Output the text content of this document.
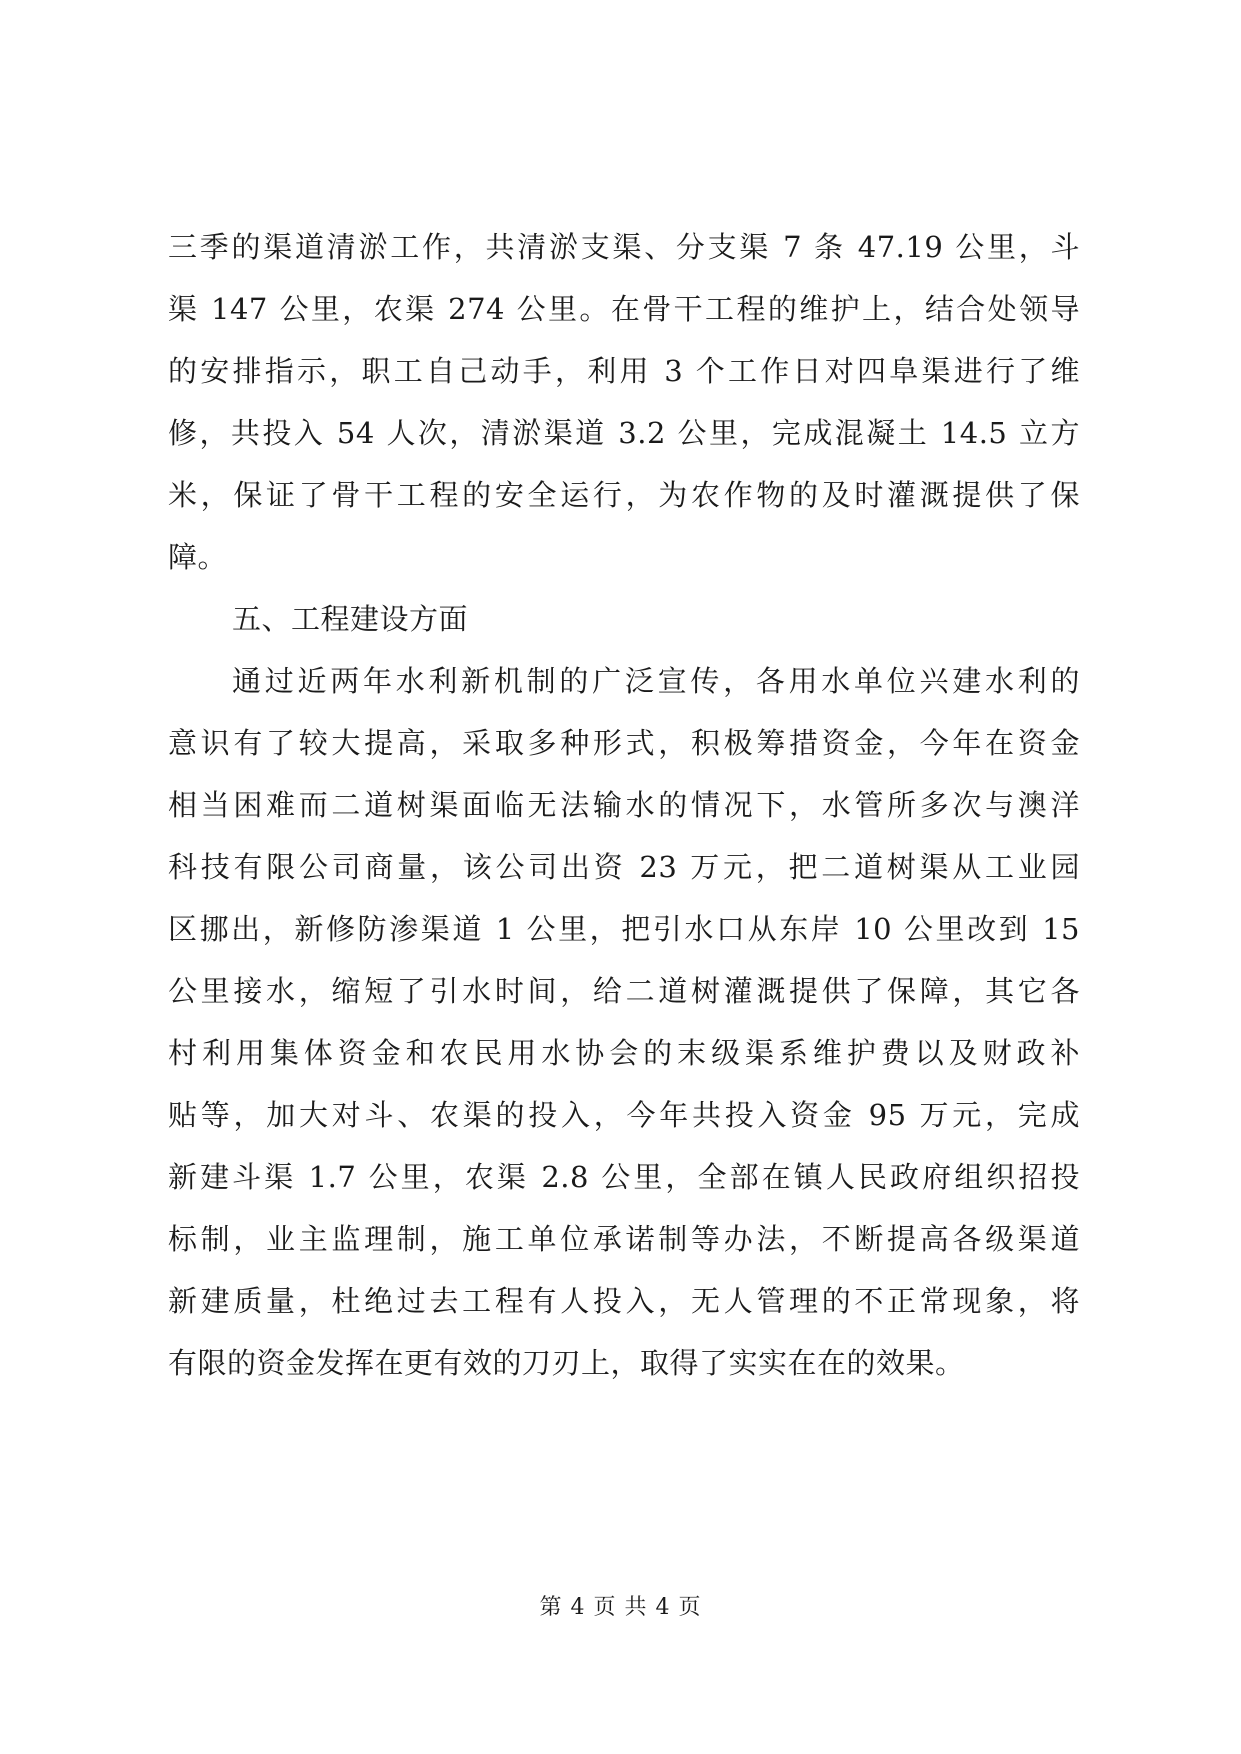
三季的渠道清淤工作，共清淤支渠、分支渠 7 条 47.19 公里，斗
渠 147 公里，农渠 274 公里。在骨干工程的维护上，结合处领导
的安排指示，职工自己动手，利用 3 个工作日对四阜渠进行了维
修，共投入 54 人次，清淤渠道 3.2 公里，完成混凝土 14.5 立方
米，保证了骨干工程的安全运行，为农作物的及时灌溉提供了保
障。
五、工程建设方面
通过近两年水利新机制的广泛宣传，各用水单位兴建水利的
意识有了较大提高，采取多种形式，积极筹措资金，今年在资金
相当困难而二道树渠面临无法输水的情况下，水管所多次与澳洋
科技有限公司商量，该公司出资 23 万元，把二道树渠从工业园
区挪出，新修防渗渠道 1 公里，把引水口从东岸 10 公里改到 15
公里接水，缩短了引水时间，给二道树灌溉提供了保障，其它各
村利用集体资金和农民用水协会的末级渠系维护费以及财政补
贴等，加大对斗、农渠的投入，今年共投入资金 95 万元，完成
新建斗渠 1.7 公里，农渠 2.8 公里，全部在镇人民政府组织招投
标制，业主监理制，施工单位承诺制等办法，不断提高各级渠道
新建质量，杜绝过去工程有人投入，无人管理的不正常现象，将
有限的资金发挥在更有效的刀刃上，取得了实实在在的效果。
第 4 页 共 4 页
